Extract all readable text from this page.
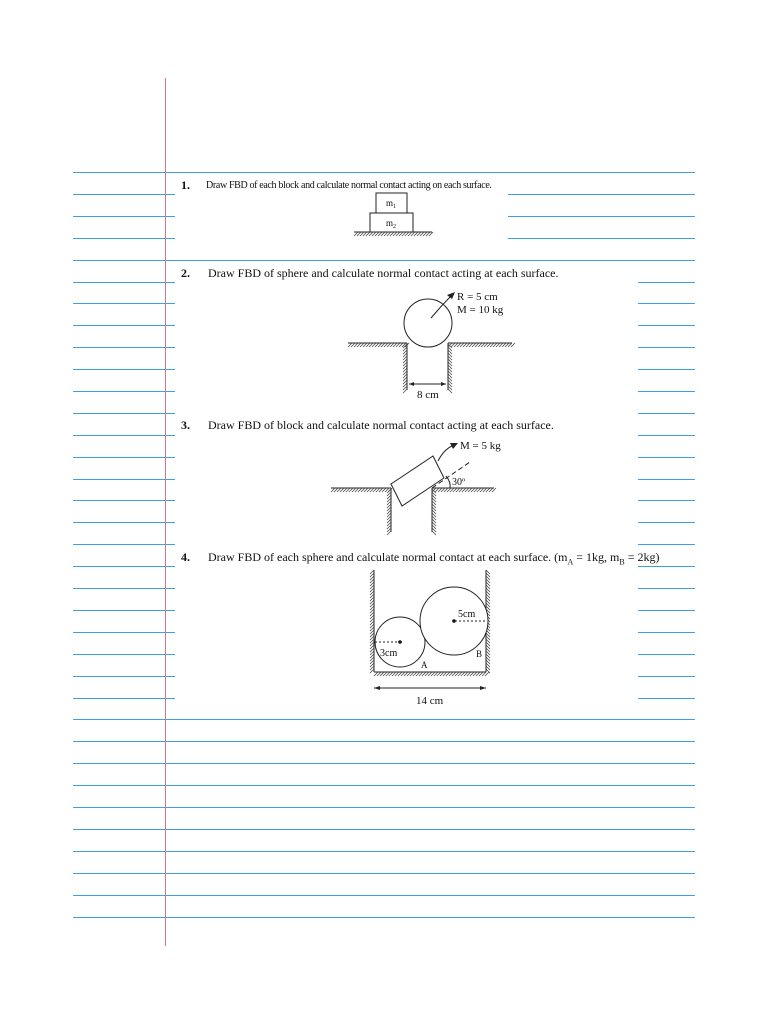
1. Draw FBD of each block and calculate normal contact acting on each surface.
$m_1$
$m_2$
2. Draw FBD of sphere and calculate normal contact acting at each surface.
R = 5 cm
M = 10 kg
8 cm
3. Draw FBD of block and calculate normal contact acting at each surface.
30º
M = 5 kg
4. Draw FBD of each sphere and calculate normal contact at each surface. ($m_A = 1kg$, $m_B = 2kg$)
5cm
3cm
A
B
14 cm
